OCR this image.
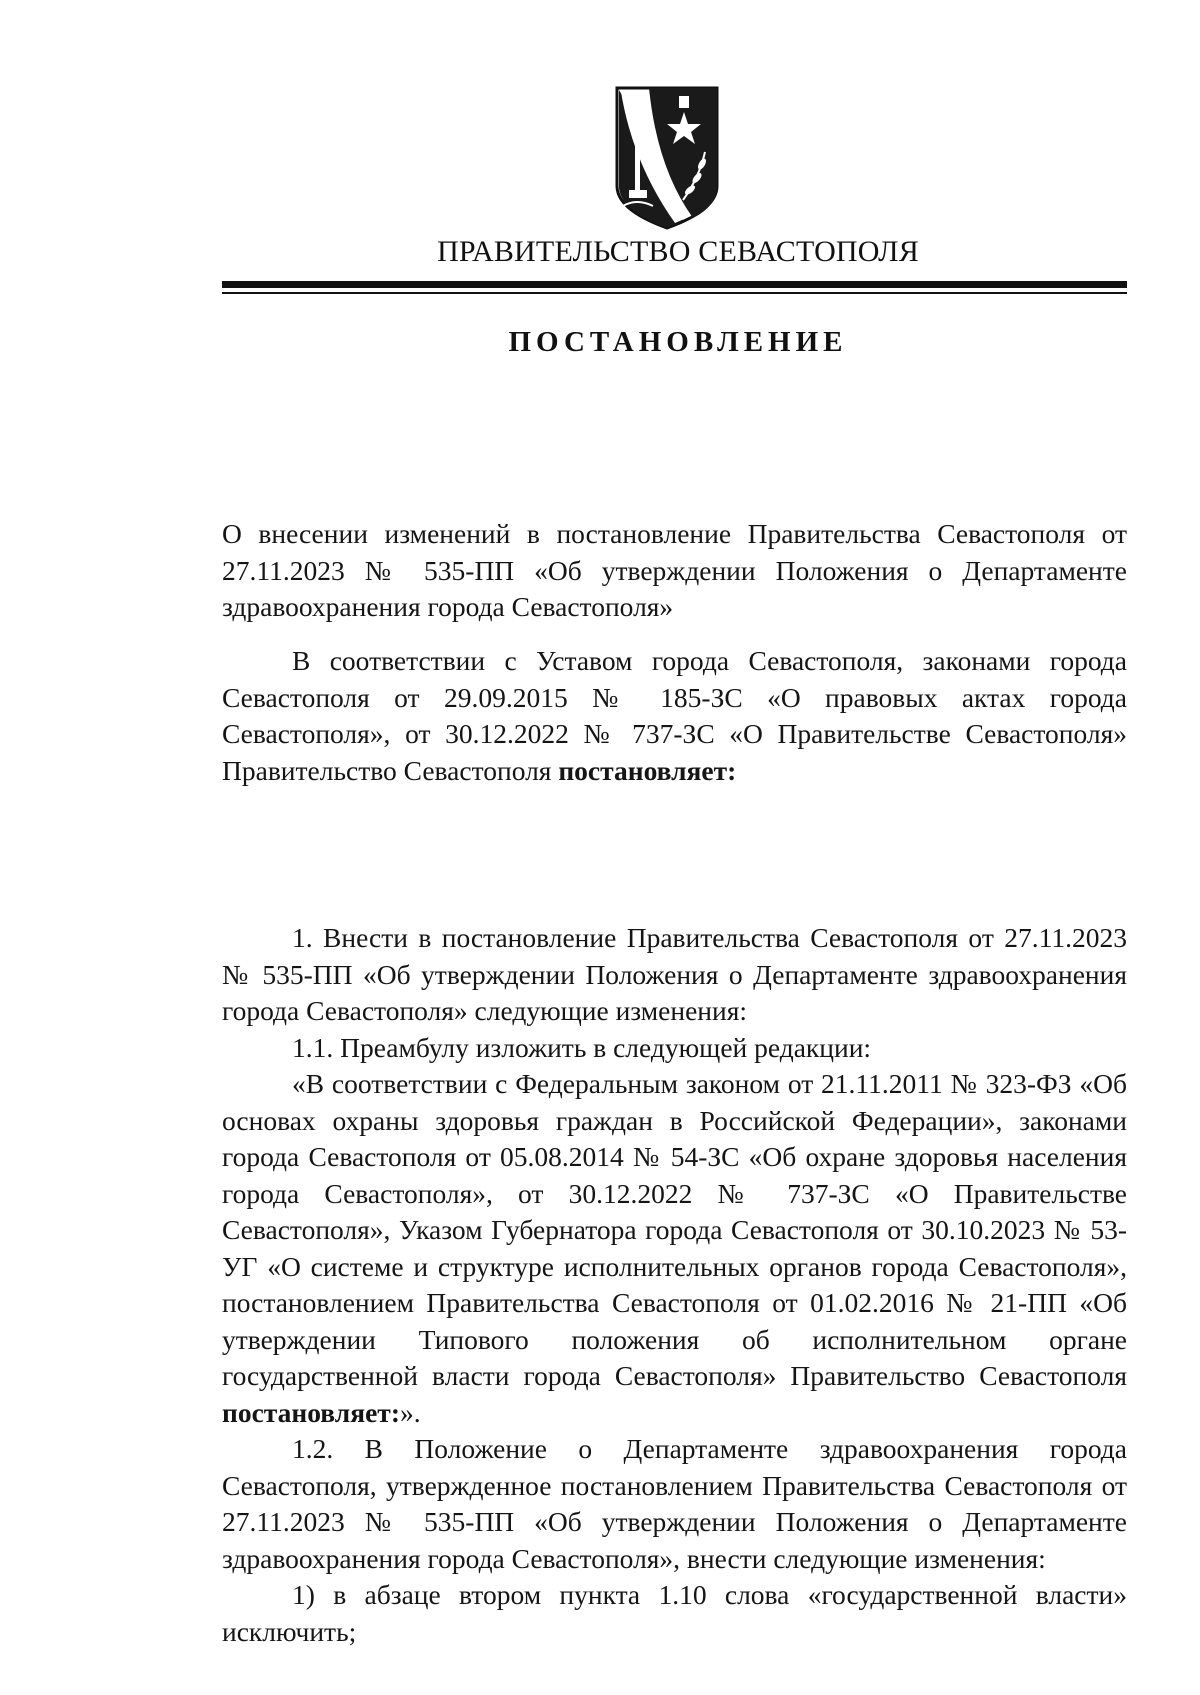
ПРАВИТЕЛЬСТВО СЕВАСТОПОЛЯ
ПОСТАНОВЛЕНИЕ

О внесении изменений в постановление Правительства Севастополя от 27.11.2023 № 535-ПП «Об утверждении Положения о Департаменте здравоохранения города Севастополя»

В соответствии с Уставом города Севастополя, законами города Севастополя от 29.09.2015 № 185-ЗС «О правовых актах города Севастополя», от 30.12.2022 № 737-ЗС «О Правительстве Севастополя» Правительство Севастополя постановляет:

1. Внести в постановление Правительства Севастополя от 27.11.2023 № 535-ПП «Об утверждении Положения о Департаменте здравоохранения города Севастополя» следующие изменения:

1.1. Преамбулу изложить в следующей редакции:

«В соответствии с Федеральным законом от 21.11.2011 № 323-ФЗ «Об основах охраны здоровья граждан в Российской Федерации», законами города Севастополя от 05.08.2014 № 54-ЗС «Об охране здоровья населения города Севастополя», от 30.12.2022 № 737-ЗС «О Правительстве Севастополя», Указом Губернатора города Севастополя от 30.10.2023 № 53-УГ «О системе и структуре исполнительных органов города Севастополя», постановлением Правительства Севастополя от 01.02.2016 № 21-ПП «Об утверждении Типового положения об исполнительном органе государственной власти города Севастополя» Правительство Севастополя постановляет:».

1.2. В Положение о Департаменте здравоохранения города Севастополя, утвержденное постановлением Правительства Севастополя от 27.11.2023 № 535-ПП «Об утверждении Положения о Департаменте здравоохранения города Севастополя», внести следующие изменения:

1) в абзаце втором пункта 1.10 слова «государственной власти» исключить;
